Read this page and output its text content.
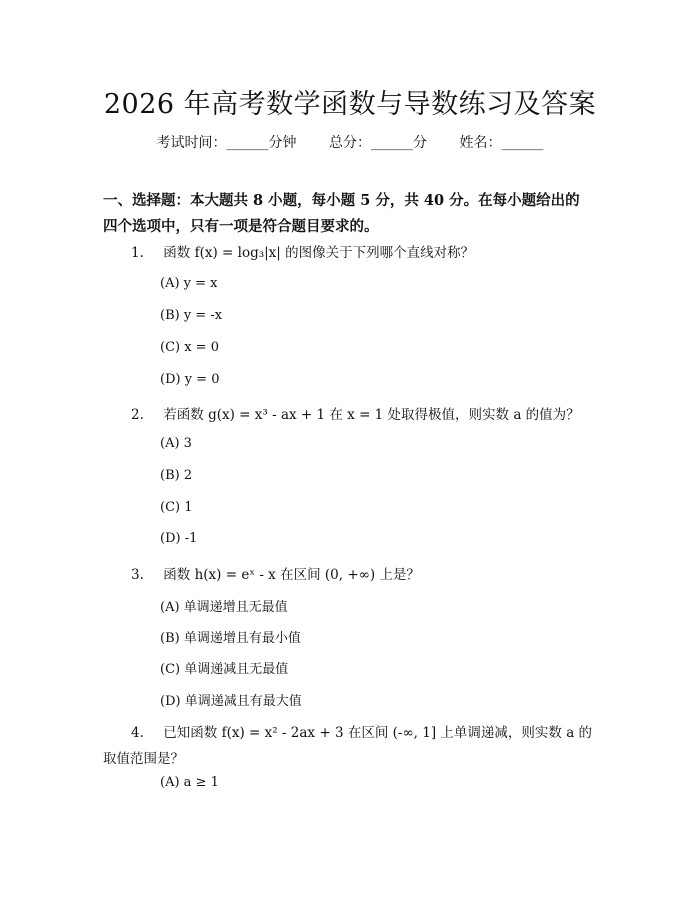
2026 年高考数学函数与导数练习及答案
考试时间：______分钟 总分：______分 姓名：______
一、选择题：本大题共 8 小题，每小题 5 分，共 40 分。在每小题给出的四个选项中，只有一项是符合题目要求的。
1. 函数 f(x) = log₃|x| 的图像关于下列哪个直线对称？
(A) y = x
(B) y = -x
(C) x = 0
(D) y = 0
2. 若函数 g(x) = x³ - ax + 1 在 x = 1 处取得极值，则实数 a 的值为？
(A) 3
(B) 2
(C) 1
(D) -1
3. 函数 h(x) = eˣ - x 在区间 (0, +∞) 上是？
(A) 单调递增且无最值
(B) 单调递增且有最小值
(C) 单调递减且无最值
(D) 单调递减且有最大值
4. 已知函数 f(x) = x² - 2ax + 3 在区间 (-∞, 1] 上单调递减，则实数 a 的取值范围是？
(A) a ≥ 1
